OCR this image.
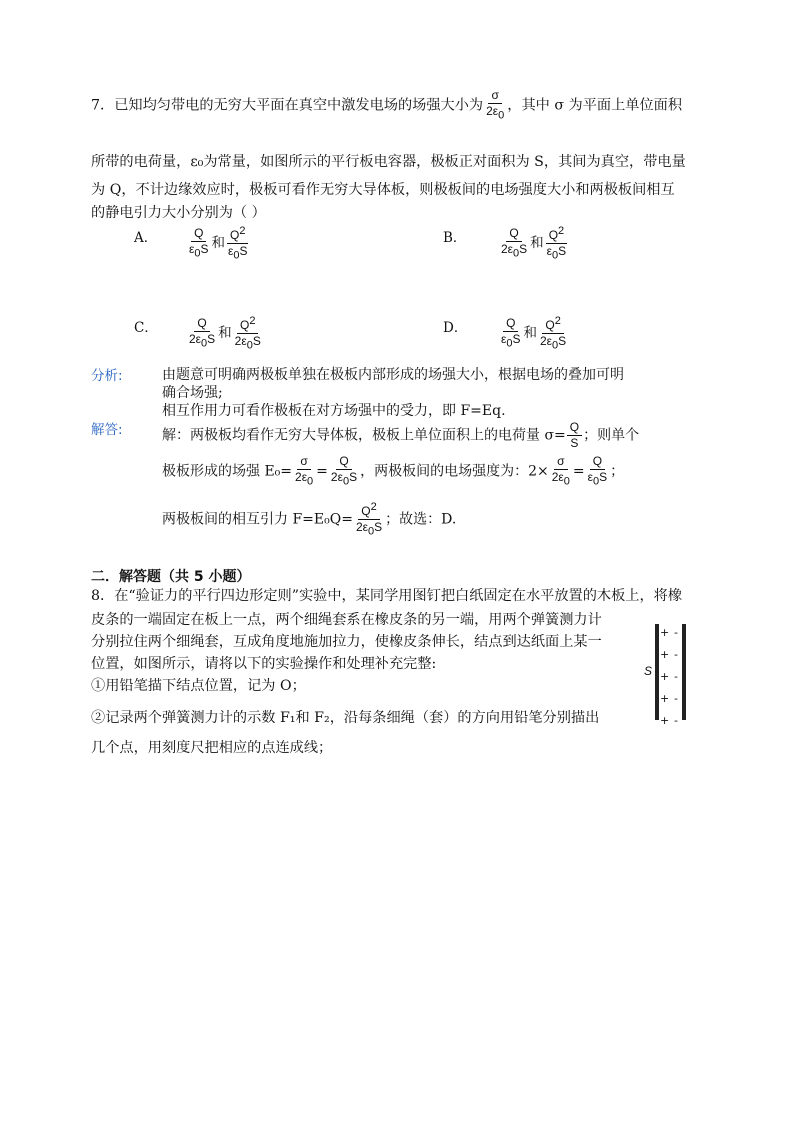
7．已知均匀带电的无穷大平面在真空中激发电场的场强大小为 $\frac{\sigma}{2\varepsilon_0}$ ，其中 σ 为平面上单位面积
所带的电荷量，ε₀为常量，如图所示的平行板电容器，极板正对面积为 S，其间为真空，带电量
为 Q，不计边缘效应时，极板可看作无穷大导体板，则极板间的电场强度大小和两极板间相互
的静电引力大小分别为（ ）
A． $\frac{Q}{\varepsilon_0S}$ 和 $\frac{Q^2}{\varepsilon_0S}$	B．	$\frac{Q}{2\varepsilon_0S}$ 和 $\frac{Q^2}{\varepsilon_0S}$
C． $\frac{Q}{2\varepsilon_0S}$ 和 $\frac{Q^2}{2\varepsilon_0S}$	D．	$\frac{Q}{\varepsilon_0S}$ 和 $\frac{Q^2}{2\varepsilon_0S}$
分析:	由题意可明确两极板单独在极板内部形成的场强大小，根据电场的叠加可明
确合场强;
相互作用力可看作极板在对方场强中的受力，即 F=Eq.
解答:	解：两极板均看作无穷大导体板，极板上单位面积上的电荷量 $\sigma= \frac{Q}{S}$ ；则单个
极板形成的场强 $E_0= \frac{\sigma}{2\varepsilon_0} = \frac{Q}{2\varepsilon_0S}$ ，两极板间的电场强度为：$2\times \frac{\sigma}{2\varepsilon_0} = \frac{Q}{\varepsilon_0S}$ ；
两极板间的相互引力 $F=E_0Q= \frac{Q^2}{2\varepsilon_0S}$ ；故选：D.
二．解答题（共 5 小题）
8．在“验证力的平行四边形定则”实验中，某同学用图钉把白纸固定在水平放置的木板上，将橡
皮条的一端固定在板上一点，两个细绳套系在橡皮条的另一端，用两个弹簧测力计
分别拉住两个细绳套，互成角度地施加拉力，使橡皮条伸长，结点到达纸面上某一
位置，如图所示，请将以下的实验操作和处理补充完整:
①用铅笔描下结点位置，记为 O；
②记录两个弹簧测力计的示数 F₁和 F₂，沿每条细绳（套）的方向用铅笔分别描出
几个点，用刻度尺把相应的点连成线；
S
+
+
+
+
+
-
-
-
-
-
